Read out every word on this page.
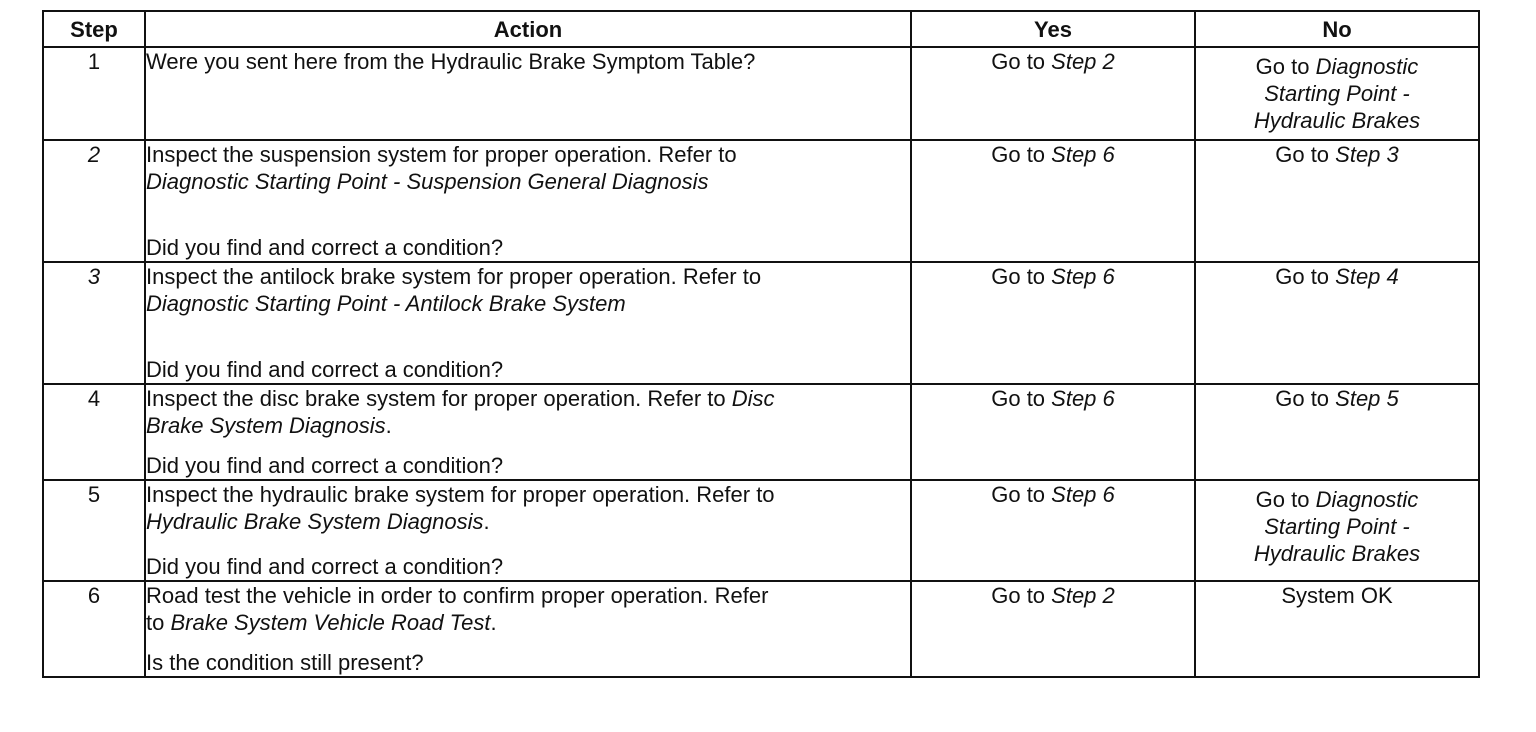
Step	Action	Yes	No
1	Were you sent here from the Hydraulic Brake Symptom Table?	Go to Step 2	Go to Diagnostic
Starting Point -
Hydraulic Brakes

2	Inspect the suspension system for proper operation. Refer to
Diagnostic Starting Point - Suspension General Diagnosis
Did you find and correct a condition?	Go to Step 6	Go to Step 3
3	Inspect the antilock brake system for proper operation. Refer to
Diagnostic Starting Point - Antilock Brake System
Did you find and correct a condition?	Go to Step 6	Go to Step 4
4	Inspect the disc brake system for proper operation. Refer to Disc
Brake System Diagnosis.
Did you find and correct a condition?	Go to Step 6	Go to Step 5
5	Inspect the hydraulic brake system for proper operation. Refer to
Hydraulic Brake System Diagnosis.
Did you find and correct a condition?	Go to Step 6	Go to Diagnostic
Starting Point -
Hydraulic Brakes

6	Road test the vehicle in order to confirm proper operation. Refer
to Brake System Vehicle Road Test.
Is the condition still present?	Go to Step 2	System OK
